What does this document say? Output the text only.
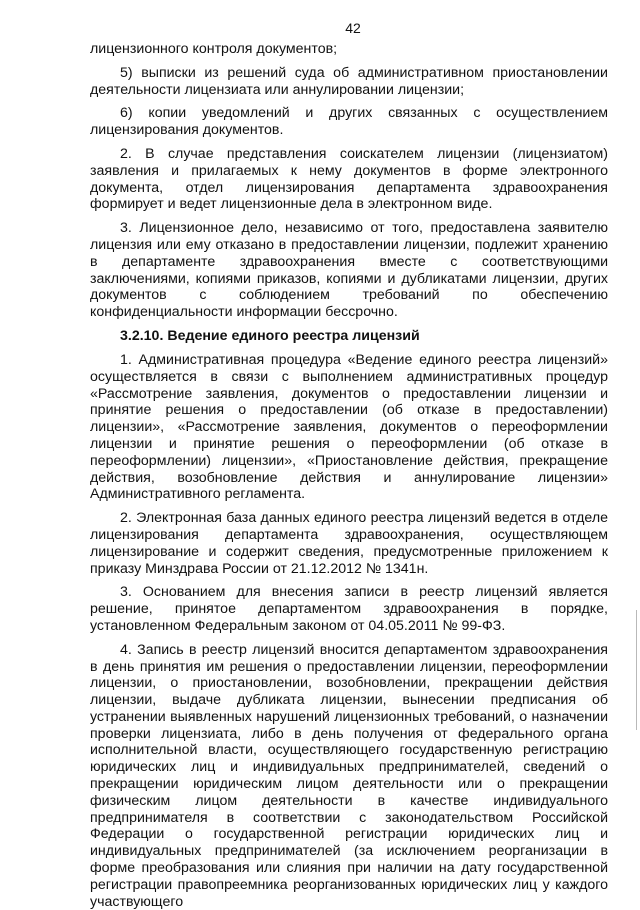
42

лицензионного контроля документов;

5) выписки из решений суда об административном приостановлении деятельности лицензиата или аннулировании лицензии;

6) копии уведомлений и других связанных с осуществлением лицензирования документов.

2. В случае представления соискателем лицензии (лицензиатом) заявления и прилагаемых к нему документов в форме электронного документа, отдел лицензирования департамента здравоохранения формирует и ведет лицензионные дела в электронном виде.

3. Лицензионное дело, независимо от того, предоставлена заявителю лицензия или ему отказано в предоставлении лицензии, подлежит хранению в департаменте здравоохранения вместе с соответствующими заключениями, копиями приказов, копиями и дубликатами лицензии, других документов с соблюдением требований по обеспечению конфиденциальности информации бессрочно.

3.2.10. Ведение единого реестра лицензий

1. Административная процедура «Ведение единого реестра лицензий» осуществляется в связи с выполнением административных процедур «Рассмотрение заявления, документов о предоставлении лицензии и принятие решения о предоставлении (об отказе в предоставлении) лицензии», «Рассмотрение заявления, документов о переоформлении лицензии и принятие решения о переоформлении (об отказе в переоформлении) лицензии», «Приостановление действия, прекращение действия, возобновление действия и аннулирование лицензии» Административного регламента.

2. Электронная база данных единого реестра лицензий ведется в отделе лицензирования департамента здравоохранения, осуществляющем лицензирование и содержит сведения, предусмотренные приложением к приказу Минздрава России от 21.12.2012 № 1341н.

3. Основанием для внесения записи в реестр лицензий является решение, принятое департаментом здравоохранения в порядке, установленном Федеральным законом от 04.05.2011 № 99-ФЗ.

4. Запись в реестр лицензий вносится департаментом здравоохранения в день принятия им решения о предоставлении лицензии, переоформлении лицензии, о приостановлении, возобновлении, прекращении действия лицензии, выдаче дубликата лицензии, вынесении предписания об устранении выявленных нарушений лицензионных требований, о назначении проверки лицензиата, либо в день получения от федерального органа исполнительной власти, осуществляющего государственную регистрацию юридических лиц и индивидуальных предпринимателей, сведений о прекращении юридическим лицом деятельности или о прекращении физическим лицом деятельности в качестве индивидуального предпринимателя в соответствии с законодательством Российской Федерации о государственной регистрации юридических лиц и индивидуальных предпринимателей (за исключением реорганизации в форме преобразования или слияния при наличии на дату государственной регистрации правопреемника реорганизованных юридических лиц у каждого участвующего
